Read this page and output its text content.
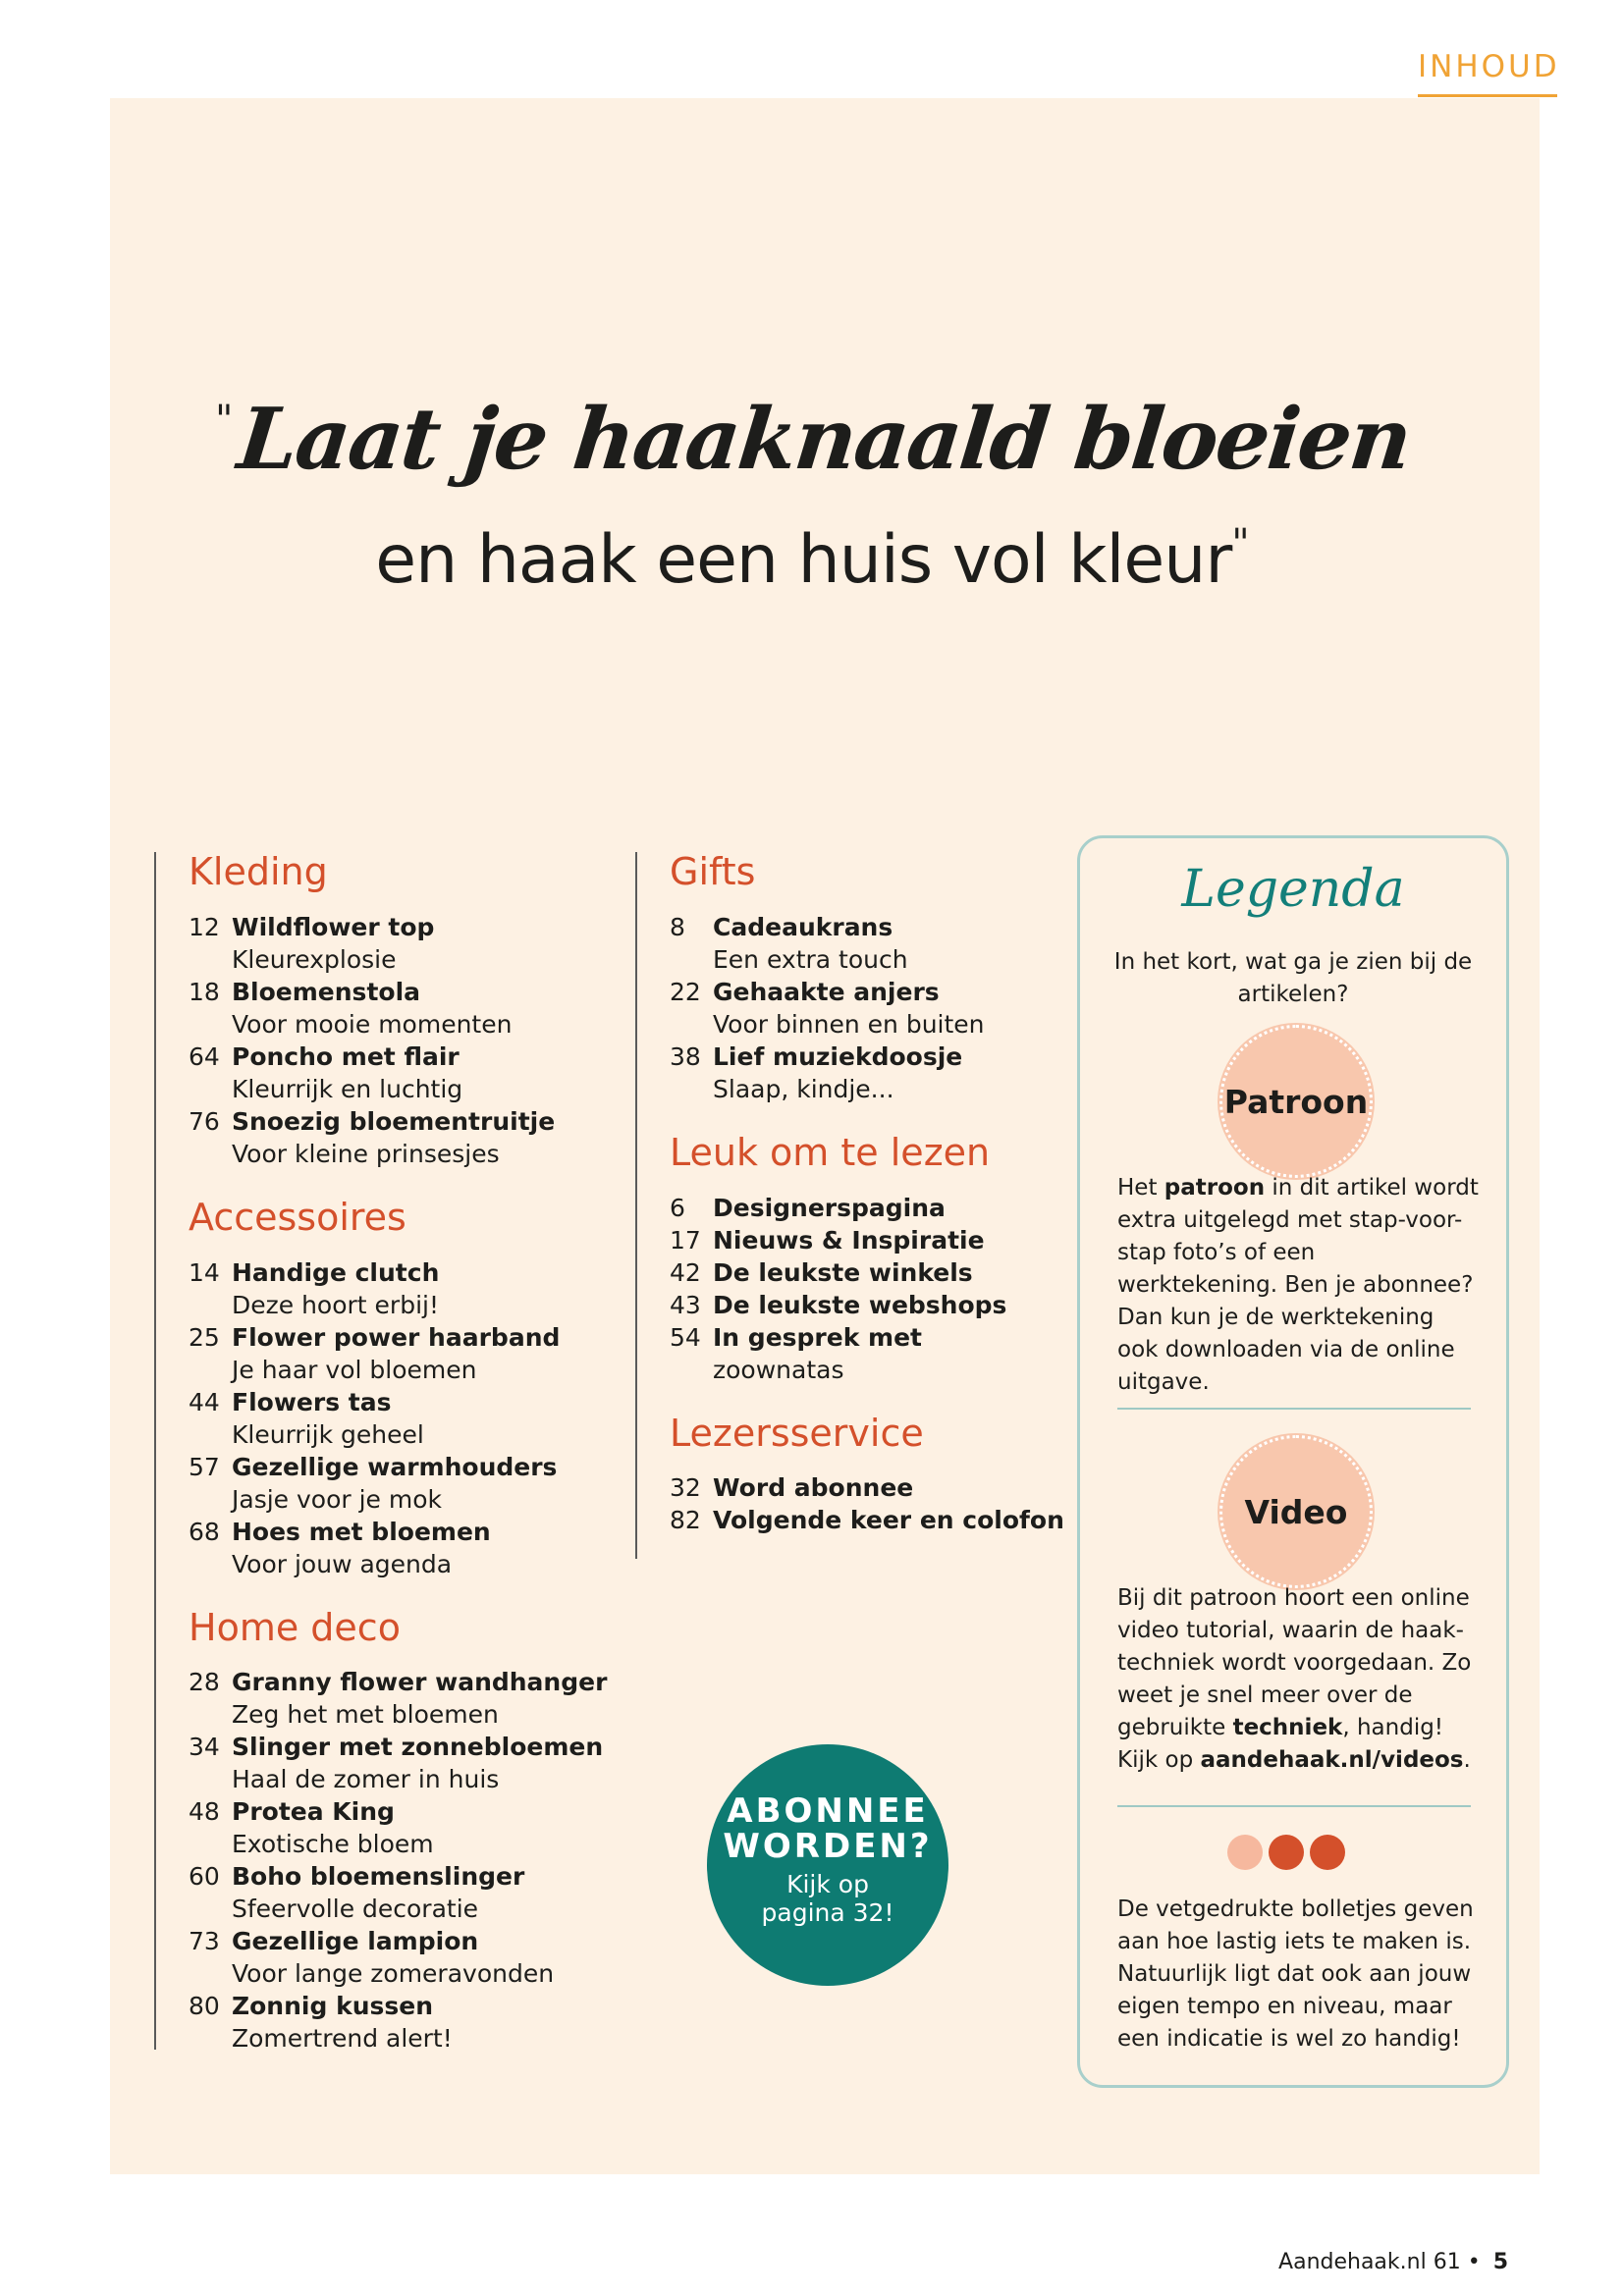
INHOUD
" Laat je haaknaald bloeien
en haak een huis vol kleur"
Kleding
12 Wildflower top
Kleurexplosie
18 Bloemenstola
Voor mooie momenten
64 Poncho met flair
Kleurrijk en luchtig
76 Snoezig bloementruitje
Voor kleine prinsesjes
Accessoires
14 Handige clutch
Deze hoort erbij!
25 Flower power haarband
Je haar vol bloemen
44 Flowers tas
Kleurrijk geheel
57 Gezellige warmhouders
Jasje voor je mok
68 Hoes met bloemen
Voor jouw agenda
Home deco
28 Granny flower wandhanger
Zeg het met bloemen
34 Slinger met zonnebloemen
Haal de zomer in huis
48 Protea King
Exotische bloem
60 Boho bloemenslinger
Sfeervolle decoratie
73 Gezellige lampion
Voor lange zomeravonden
80 Zonnig kussen
Zomertrend alert!
Gifts
8	Cadeaukrans
Een extra touch
22 Gehaakte anjers
Voor binnen en buiten
38 Lief muziekdoosje
Slaap, kindje...
Leuk om te lezen
6	Designerspagina
17 Nieuws & Inspiratie
42 De leukste winkels
43 De leukste webshops
54 In gesprek met
zoownatas
Lezersservice
32 Word abonnee
82 Volgende keer en colofon
ABONNEE
WORDEN?
Kijk op
pagina 32!
Legenda
In het kort, wat ga je zien bij de artikelen?
Patroon
Het patroon in dit artikel wordt extra uitgelegd met stap-voor-stap foto’s of een werktekening. Ben je abonnee? Dan kun je de werktekening ook downloaden via de online uitgave.
Video
Bij dit patroon hoort een online video tutorial, waarin de haak-techniek wordt voorgedaan. Zo weet je snel meer over de gebruikte techniek, handig! Kijk op aandehaak.nl/videos.
De vetgedrukte bolletjes geven aan hoe lastig iets te maken is. Natuurlijk ligt dat ook aan jouw eigen tempo en niveau, maar een indicatie is wel zo handig!
Aandehaak.nl 61 • 5
